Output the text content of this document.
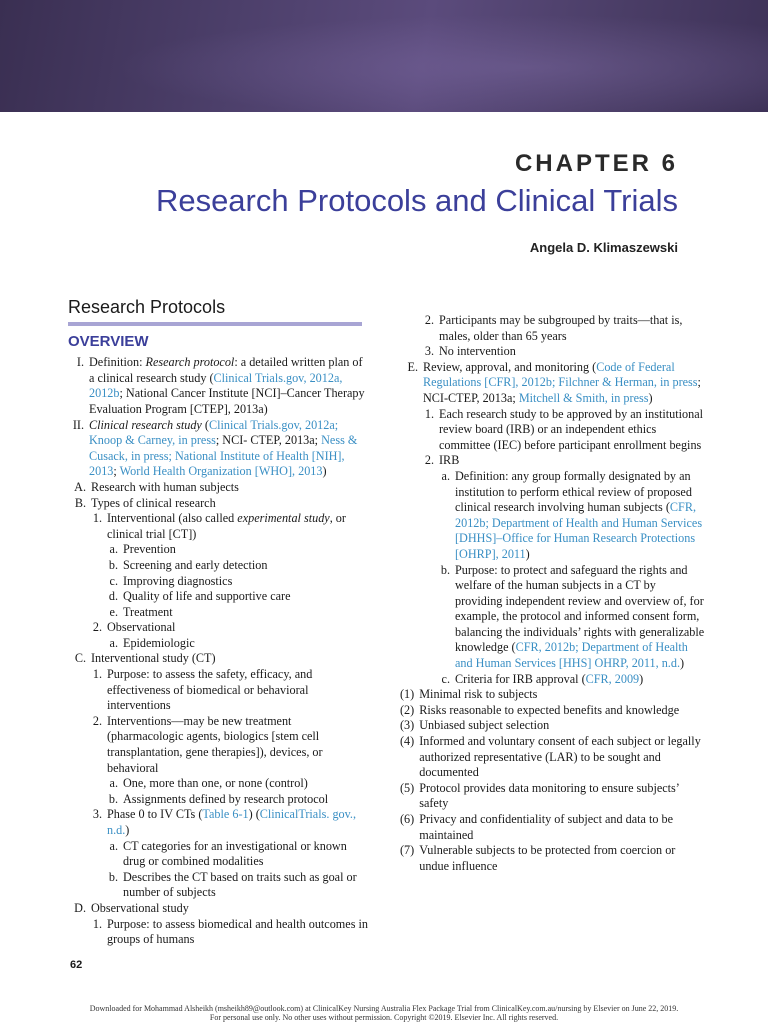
CHAPTER 6
Research Protocols and Clinical Trials
Angela D. Klimaszewski
Research Protocols
OVERVIEW
I. Definition: Research protocol: a detailed written plan of a clinical research study (Clinical Trials.gov, 2012a, 2012b; National Cancer Institute [NCI]–Cancer Therapy Evaluation Program [CTEP], 2013a)
II. Clinical research study (Clinical Trials.gov, 2012a; Knoop & Carney, in press; NCI- CTEP, 2013a; Ness & Cusack, in press; National Institute of Health [NIH], 2013; World Health Organization [WHO], 2013)
A. Research with human subjects
B. Types of clinical research
1. Interventional (also called experimental study, or clinical trial [CT])
a. Prevention
b. Screening and early detection
c. Improving diagnostics
d. Quality of life and supportive care
e. Treatment
2. Observational
a. Epidemiologic
C. Interventional study (CT)
1. Purpose: to assess the safety, efficacy, and effectiveness of biomedical or behavioral interventions
2. Interventions—may be new treatment (pharmacologic agents, biologics [stem cell transplantation, gene therapies]), devices, or behavioral
a. One, more than one, or none (control)
b. Assignments defined by research protocol
3. Phase 0 to IV CTs (Table 6-1) (ClinicalTrials. gov., n.d.)
a. CT categories for an investigational or known drug or combined modalities
b. Describes the CT based on traits such as goal or number of subjects
D. Observational study
1. Purpose: to assess biomedical and health outcomes in groups of humans
2. Participants may be subgrouped by traits—that is, males, older than 65 years
3. No intervention
E. Review, approval, and monitoring (Code of Federal Regulations [CFR], 2012b; Filchner & Herman, in press; NCI-CTEP, 2013a; Mitchell & Smith, in press)
1. Each research study to be approved by an institutional review board (IRB) or an independent ethics committee (IEC) before participant enrollment begins
2. IRB
a. Definition: any group formally designated by an institution to perform ethical review of proposed clinical research involving human subjects (CFR, 2012b; Department of Health and Human Services [DHHS]–Office for Human Research Protections [OHRP], 2011)
b. Purpose: to protect and safeguard the rights and welfare of the human subjects in a CT by providing independent review and overview of, for example, the protocol and informed consent form, balancing the individuals’ rights with generalizable knowledge (CFR, 2012b; Department of Health and Human Services [HHS] OHRP, 2011, n.d.)
c. Criteria for IRB approval (CFR, 2009)
(1) Minimal risk to subjects
(2) Risks reasonable to expected benefits and knowledge
(3) Unbiased subject selection
(4) Informed and voluntary consent of each subject or legally authorized representative (LAR) to be sought and documented
(5) Protocol provides data monitoring to ensure subjects’ safety
(6) Privacy and confidentiality of subject and data to be maintained
(7) Vulnerable subjects to be protected from coercion or undue influence
62
Downloaded for Mohammad Alsheikh (msheikh89@outlook.com) at ClinicalKey Nursing Australia Flex Package Trial from ClinicalKey.com.au/nursing by Elsevier on June 22, 2019.
For personal use only. No other uses without permission. Copyright ©2019. Elsevier Inc. All rights reserved.
